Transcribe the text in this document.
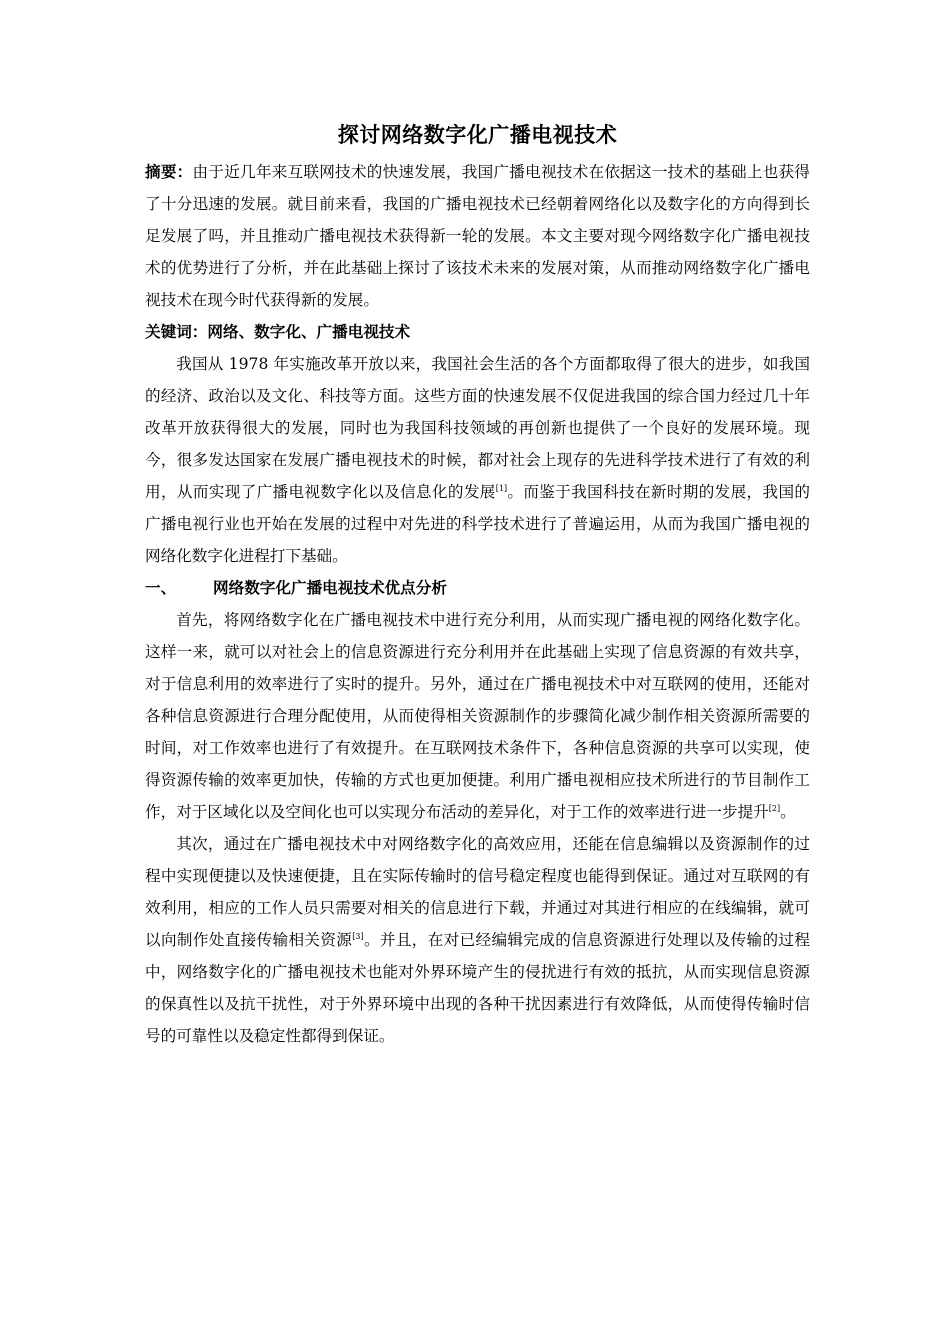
探讨网络数字化广播电视技术

摘要：由于近几年来互联网技术的快速发展，我国广播电视技术在依据这一技术的基础上也获得了十分迅速的发展。就目前来看，我国的广播电视技术已经朝着网络化以及数字化的方向得到长足发展了吗，并且推动广播电视技术获得新一轮的发展。本文主要对现今网络数字化广播电视技术的优势进行了分析，并在此基础上探讨了该技术未来的发展对策，从而推动网络数字化广播电视技术在现今时代获得新的发展。

关键词：网络、数字化、广播电视技术

我国从 1978 年实施改革开放以来，我国社会生活的各个方面都取得了很大的进步，如我国的经济、政治以及文化、科技等方面。这些方面的快速发展不仅促进我国的综合国力经过几十年改革开放获得很大的发展，同时也为我国科技领域的再创新也提供了一个良好的发展环境。现今，很多发达国家在发展广播电视技术的时候，都对社会上现存的先进科学技术进行了有效的利用，从而实现了广播电视数字化以及信息化的发展[1]。而鉴于我国科技在新时期的发展，我国的广播电视行业也开始在发展的过程中对先进的科学技术进行了普遍运用，从而为我国广播电视的网络化数字化进程打下基础。

一、	网络数字化广播电视技术优点分析

首先，将网络数字化在广播电视技术中进行充分利用，从而实现广播电视的网络化数字化。这样一来，就可以对社会上的信息资源进行充分利用并在此基础上实现了信息资源的有效共享，对于信息利用的效率进行了实时的提升。另外，通过在广播电视技术中对互联网的使用，还能对各种信息资源进行合理分配使用，从而使得相关资源制作的步骤简化减少制作相关资源所需要的时间，对工作效率也进行了有效提升。在互联网技术条件下，各种信息资源的共享可以实现，使得资源传输的效率更加快，传输的方式也更加便捷。利用广播电视相应技术所进行的节目制作工作，对于区域化以及空间化也可以实现分布活动的差异化，对于工作的效率进行进一步提升[2]。

其次，通过在广播电视技术中对网络数字化的高效应用，还能在信息编辑以及资源制作的过程中实现便捷以及快速便捷，且在实际传输时的信号稳定程度也能得到保证。通过对互联网的有效利用，相应的工作人员只需要对相关的信息进行下载，并通过对其进行相应的在线编辑，就可以向制作处直接传输相关资源[3]。并且，在对已经编辑完成的信息资源进行处理以及传输的过程中，网络数字化的广播电视技术也能对外界环境产生的侵扰进行有效的抵抗，从而实现信息资源的保真性以及抗干扰性，对于外界环境中出现的各种干扰因素进行有效降低，从而使得传输时信号的可靠性以及稳定性都得到保证。
